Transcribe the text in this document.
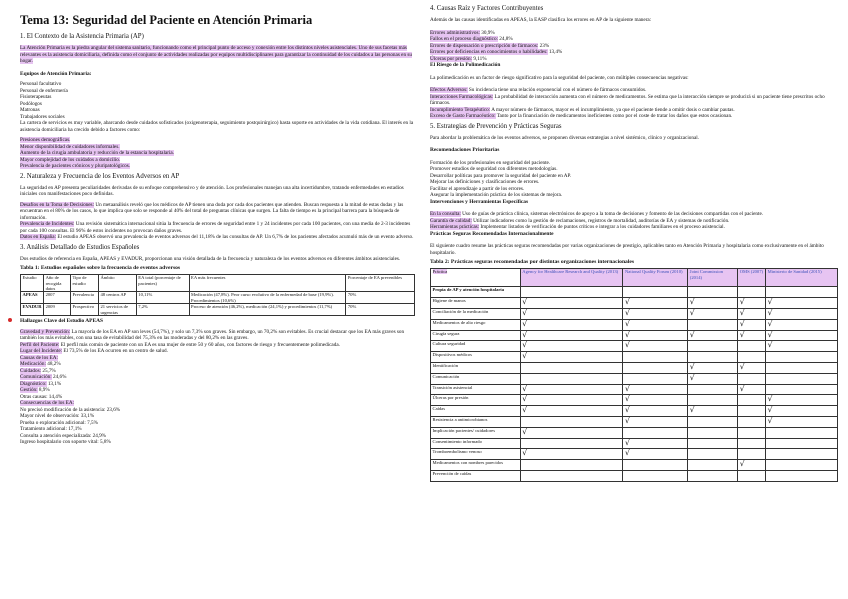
Tema 13: Seguridad del Paciente en Atención Primaria
1. El Contexto de la Asistencia Primaria (AP)

La Atención Primaria es la piedra angular del sistema sanitario, funcionando como el principal punto de acceso y conexión entre los distintos niveles asistenciales. Uno de sus facetas más relevantes es la asistencia domiciliaria, definida como el conjunto de actividades realizadas por equipos multidisciplinares para garantizar la continuidad de los cuidados a las personas en su hogar.

Equipos de Atención Primaria:
Personal facultativo
Personal de enfermería
Fisioterapeutas
Podólogos
Matronas
Trabajadores sociales

La cartera de servicios es muy variable, abarcando desde cuidados sofisticados (oxigenoterapia, seguimiento postquirúrgico) hasta soporte en actividades de la vida cotidiana. El interés en la asistencia domiciliaria ha crecido debido a factores como:

Presiones demográficas.
Menor disponibilidad de cuidadores informales.
Aumento de la cirugía ambulatoria y reducción de la estancia hospitalaria.
Mayor complejidad de los cuidados a domicilio.
Prevalencia de pacientes crónicos y pluripatológicos.
2. Naturaleza y Frecuencia de los Eventos Adversos en AP

La seguridad en AP presenta peculiaridades derivadas de su enfoque comprehensivo y de atención. Los profesionales manejan una alta incertidumbre, tratando enfermedades en estadios iniciales con manifestaciones poco definidas.

Desafíos en la Toma de Decisiones: Un metaanálisis reveló que los médicos de AP tienen una duda por cada dos pacientes que atienden. Buscan respuesta a la mitad de estas dudas y las encuentran en el 80% de los casos, lo que implica que solo se responde al 40% del total de preguntas clínicas que surgen. La falta de tiempo es la principal barrera para la búsqueda de información.

Prevalencia de Incidentes: Una revisión sistemática internacional sitúa la frecuencia de errores de seguridad entre 1 y 24 incidentes por cada 100 pacientes, con una media de 2-3 incidentes por cada 100 consultas. El 96% de estos incidentes no provocan daños graves.

Datos en España: El estudio APEAS observó una prevalencia de eventos adversos del 11,18% de las consultas de AP. Un 6,7% de los pacientes afectados acumuló más de un evento adverso.

3. Análisis Detallado de Estudios Españoles

Dos estudios de referencia en España, APEAS y EVADUR, proporcionan una visión detallada de la frecuencia y naturaleza de los eventos adversos en diferentes ámbitos asistenciales.

Tabla 1: Estudios españoles sobre la frecuencia de eventos adversos
Estudio	Año de recogida datos	Tipo de estudio	Ámbito	EA total (porcentaje de pacientes)	EA más frecuentes	Porcentaje de EA prevenibles
APEAS	2007	Prevalencia	48 centros AP	10,11%	Medicación (47,8%). Peor curso evolutivo de la enfermedad de base (19,9%). Procedimientos (10,6%)	70%
EVADUR	2009	Prospectivo	21 servicios de urgencias	7,2%	Proceso de atención (46,2%), medicación (24,1%) y procedimientos (11,7%)	70%
Hallazgos Clave del Estudio APEAS

Gravedad y Prevención: La mayoría de los EA en AP son leves (54,7%), y solo un 7,3% son graves. Sin embargo, un 70,2% son evitables. Es crucial destacar que los EA más graves son también los más evitables, con una tasa de evitabilidad del 75,3% en las moderadas y del 80,2% en las graves.

Perfil del Paciente: El perfil más común de paciente con un EA es una mujer de entre 50 y 60 años, con factores de riesgo y frecuentemente polimedicada.

Lugar del Incidente: El 73,5% de los EA ocurren en un centro de salud.

Causas de los EA:
Medicación: 48,2%
Cuidados: 25,7%
Comunicación: 24,6%
Diagnóstico: 13,1%
Gestión: 8,9%

Otras causas: 14,4%

Consecuencias de los EA:
No precisó modificación de la asistencia: 23,6%
Mayor nivel de observación: 33,1%
Prueba o exploración adicional: 7,5%
Tratamiento adicional: 17,1%
Consulta a atención especializada: 24,9%
Ingreso hospitalario con soporte vital: 5,8%
4. Causas Raíz y Factores Contribuyentes

Además de las causas identificadas en APEAS, la EASP clasifica los errores en AP de la siguiente manera:

Errores administrativos: 30,9%
Fallos en el proceso diagnóstico: 24,8%
Errores de dispensación o prescripción de fármacos: 23%
Errores por deficiencias en conocimientos o habilidades: 13,4%
Úlceras por presión: 9,11%
El Riesgo de la Polimedicación

La polimedicación es un factor de riesgo significativo para la seguridad del paciente, con múltiples consecuencias negativas:

Efectos Adversos: Su incidencia tiene una relación exponencial con el número de fármacos consumidos.

Interacciones Farmacológicas: La probabilidad de interacción aumenta con el número de medicamentos. Se estima que la interacción siempre se producirá si un paciente tiene prescritos ocho fármacos.

Incumplimiento Terapéutico: A mayor número de fármacos, mayor es el incumplimiento, ya que el paciente tiende a omitir dosis o cambiar pautas.

Exceso de Gasto Farmacéutico: Tanto por la financiación de medicamentos ineficientes como por el coste de tratar los daños que estos ocasionan.

5. Estrategias de Prevención y Prácticas Seguras

Para abordar la problemática de los eventos adversos, se proponen diversas estrategias a nivel sistémico, clínico y organizacional.

Recomendaciones Prioritarias
Formación de los profesionales en seguridad del paciente.
Promover estudios de seguridad con diferentes metodologías.
Desarrollar políticas para promover la seguridad del paciente en AP.
Mejorar las definiciones y clasificaciones de errores.
Facilitar el aprendizaje a partir de los errores.
Asegurar la implementación práctica de los sistemas de mejora.
Intervenciones y Herramientas Específicas

En la consulta: Uso de guías de práctica clínica, sistemas electrónicos de apoyo a la toma de decisiones y fomento de las decisiones compartidas con el paciente.

Garantía de calidad: Utilizar indicadores como la gestión de reclamaciones, registros de mortalidad, auditorías de EA y sistemas de notificación.

Herramientas prácticas: Implementar listados de verificación de puntos críticos e integrar a los cuidadores familiares en el proceso asistencial.

Prácticas Seguras Recomendadas Internacionalmente

El siguiente cuadro resume las prácticas seguras recomendadas por varias organizaciones de prestigio, aplicables tanto en Atención Primaria y hospitalaria como exclusivamente en el ámbito hospitalario.

Tabla 2: Prácticas seguras recomendadas por distintas organizaciones internacionales
Práctica	Agency for Healthcare Research and Quality (2013)	National Quality Forum (2010)	Joint Commission (2014)	OMS (2007)	Ministerio de Sanidad (2015)
Propia de AP y atención hospitalaria					
Higiene de manos	√	√	√	√	√
Conciliación de la medicación	√	√	√	√	√
Medicamentos de alto riesgo	√	√		√	√
Cirugía segura	√	√	√	√	√
Cultura seguridad	√	√			√
Dispositivos médicos	√				
Identificación			√	√	
Comunicación			√		
Transición asistencial	√	√		√	
Úlceras por presión	√	√			√
Caídas	√	√	√		√
Resistencia a antimicrobianos		√			√
Implicación pacientes/ cuidadores	√				
Consentimiento informado		√			
Tromboembolismo venoso	√	√			
Medicamentos con nombres parecidos				√	
Prevención de caídas					
